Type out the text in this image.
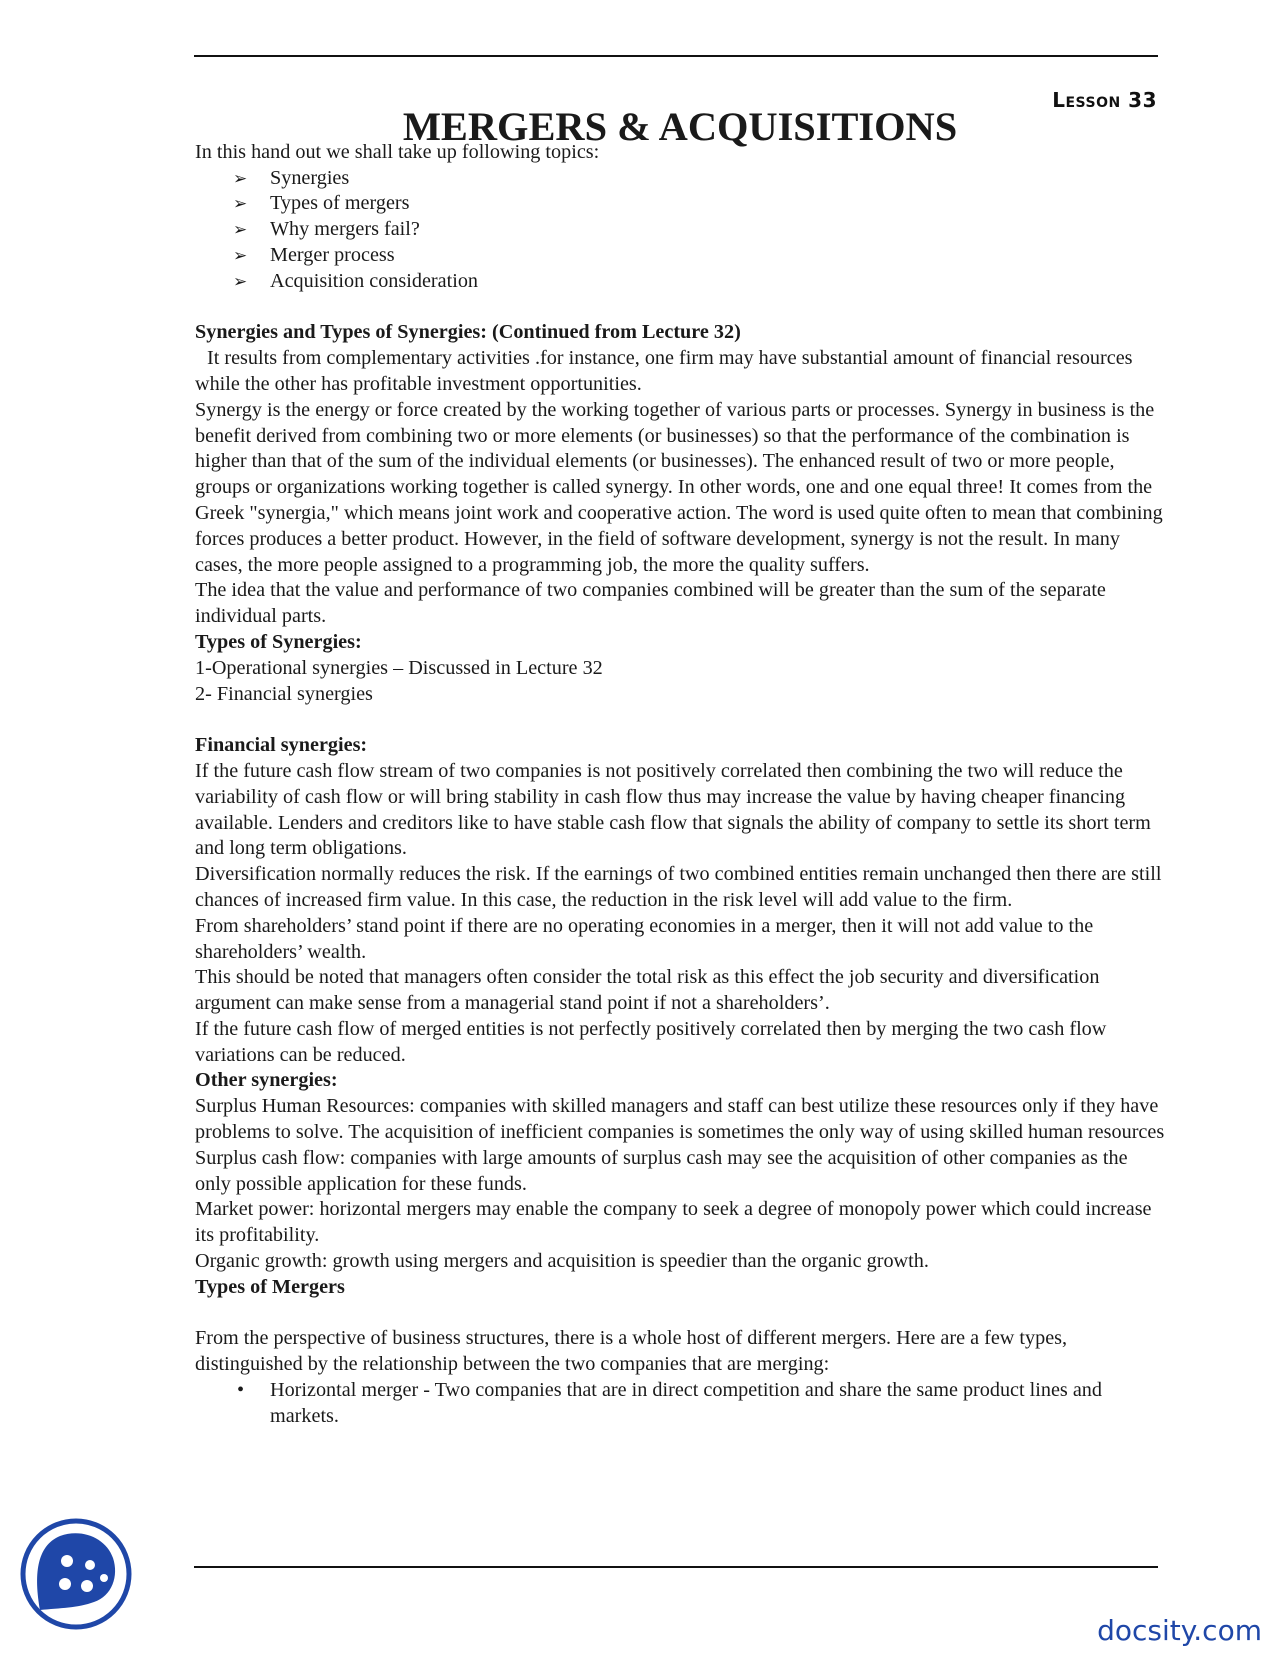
Lesson 33
MERGERS & ACQUISITIONS

In this hand out we shall take up following topics:

➢ Synergies
➢ Types of mergers
➢ Why mergers fail?
➢ Merger process
➢ Acquisition consideration

Synergies and Types of Synergies: (Continued from Lecture 32)

It results from complementary activities .for instance, one firm may have substantial amount of financial resources while the other has profitable investment opportunities.

Synergy is the energy or force created by the working together of various parts or processes. Synergy in business is the benefit derived from combining two or more elements (or businesses) so that the performance of the combination is higher than that of the sum of the individual elements (or businesses). The enhanced result of two or more people, groups or organizations working together is called synergy. In other words, one and one equal three! It comes from the Greek "synergia," which means joint work and cooperative action. The word is used quite often to mean that combining forces produces a better product. However, in the field of software development, synergy is not the result. In many cases, the more people assigned to a programming job, the more the quality suffers.

The idea that the value and performance of two companies combined will be greater than the sum of the separate individual parts.

Types of Synergies:

1-Operational synergies – Discussed in Lecture 32

2- Financial synergies

Financial synergies:

If the future cash flow stream of two companies is not positively correlated then combining the two will reduce the variability of cash flow or will bring stability in cash flow thus may increase the value by having cheaper financing available. Lenders and creditors like to have stable cash flow that signals the ability of company to settle its short term and long term obligations.

Diversification normally reduces the risk. If the earnings of two combined entities remain unchanged then there are still chances of increased firm value. In this case, the reduction in the risk level will add value to the firm.

From shareholders’ stand point if there are no operating economies in a merger, then it will not add value to the shareholders’ wealth.

This should be noted that managers often consider the total risk as this effect the job security and diversification argument can make sense from a managerial stand point if not a shareholders’.

If the future cash flow of merged entities is not perfectly positively correlated then by merging the two cash flow variations can be reduced.

Other synergies:

Surplus Human Resources: companies with skilled managers and staff can best utilize these resources only if they have problems to solve. The acquisition of inefficient companies is sometimes the only way of using skilled human resources

Surplus cash flow: companies with large amounts of surplus cash may see the acquisition of other companies as the only possible application for these funds.

Market power: horizontal mergers may enable the company to seek a degree of monopoly power which could increase its profitability.

Organic growth: growth using mergers and acquisition is speedier than the organic growth.

Types of Mergers

From the perspective of business structures, there is a whole host of different mergers. Here are a few types, distinguished by the relationship between the two companies that are merging:

• Horizontal merger - Two companies that are in direct competition and share the same product lines and markets.
docsity.com
